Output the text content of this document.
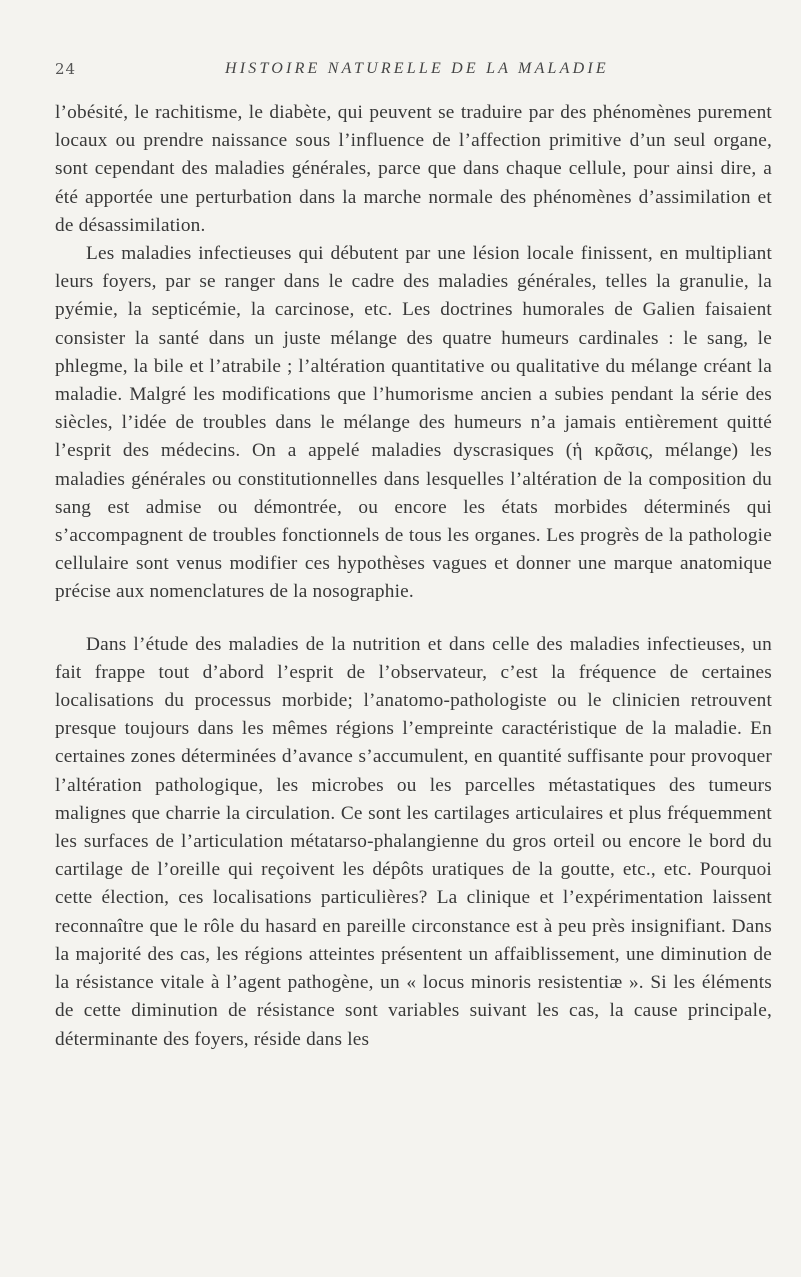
24	HISTOIRE NATURELLE DE LA MALADIE

l’obésité, le rachitisme, le diabète, qui peuvent se traduire par des phénomènes purement locaux ou prendre naissance sous l’influence de l’affection primitive d’un seul organe, sont cependant des maladies générales, parce que dans chaque cellule, pour ainsi dire, a été apportée une perturbation dans la marche normale des phénomènes d’assimilation et de désassimilation.

Les maladies infectieuses qui débutent par une lésion locale finissent, en multipliant leurs foyers, par se ranger dans le cadre des maladies générales, telles la granulie, la pyémie, la septicémie, la carcinose, etc. Les doctrines humorales de Galien faisaient consister la santé dans un juste mélange des quatre humeurs cardinales : le sang, le phlegme, la bile et l’atrabile ; l’altération quantitative ou qualitative du mélange créant la maladie. Malgré les modifications que l’humorisme ancien a subies pendant la série des siècles, l’idée de troubles dans le mélange des humeurs n’a jamais entièrement quitté l’esprit des médecins. On a appelé maladies dyscrasiques (ἡ κρᾶσις, mélange) les maladies générales ou constitutionnelles dans lesquelles l’altération de la composition du sang est admise ou démontrée, ou encore les états morbides déterminés qui s’accompagnent de troubles fonctionnels de tous les organes. Les progrès de la pathologie cellulaire sont venus modifier ces hypothèses vagues et donner une marque anatomique précise aux nomenclatures de la nosographie.

Dans l’étude des maladies de la nutrition et dans celle des maladies infectieuses, un fait frappe tout d’abord l’esprit de l’observateur, c’est la fréquence de certaines localisations du processus morbide; l’anatomo-pathologiste ou le clinicien retrouvent presque toujours dans les mêmes régions l’empreinte caractéristique de la maladie. En certaines zones déterminées d’avance s’accumulent, en quantité suffisante pour provoquer l’altération pathologique, les microbes ou les parcelles métastatiques des tumeurs malignes que charrie la circulation. Ce sont les cartilages articulaires et plus fréquemment les surfaces de l’articulation métatarso-phalangienne du gros orteil ou encore le bord du cartilage de l’oreille qui reçoivent les dépôts uratiques de la goutte, etc., etc. Pourquoi cette élection, ces localisations particulières? La clinique et l’expérimentation laissent reconnaître que le rôle du hasard en pareille circonstance est à peu près insignifiant. Dans la majorité des cas, les régions atteintes présentent un affaiblissement, une diminution de la résistance vitale à l’agent pathogène, un « locus minoris resistentiæ ». Si les éléments de cette diminution de résistance sont variables suivant les cas, la cause principale, déterminante des foyers, réside dans les
